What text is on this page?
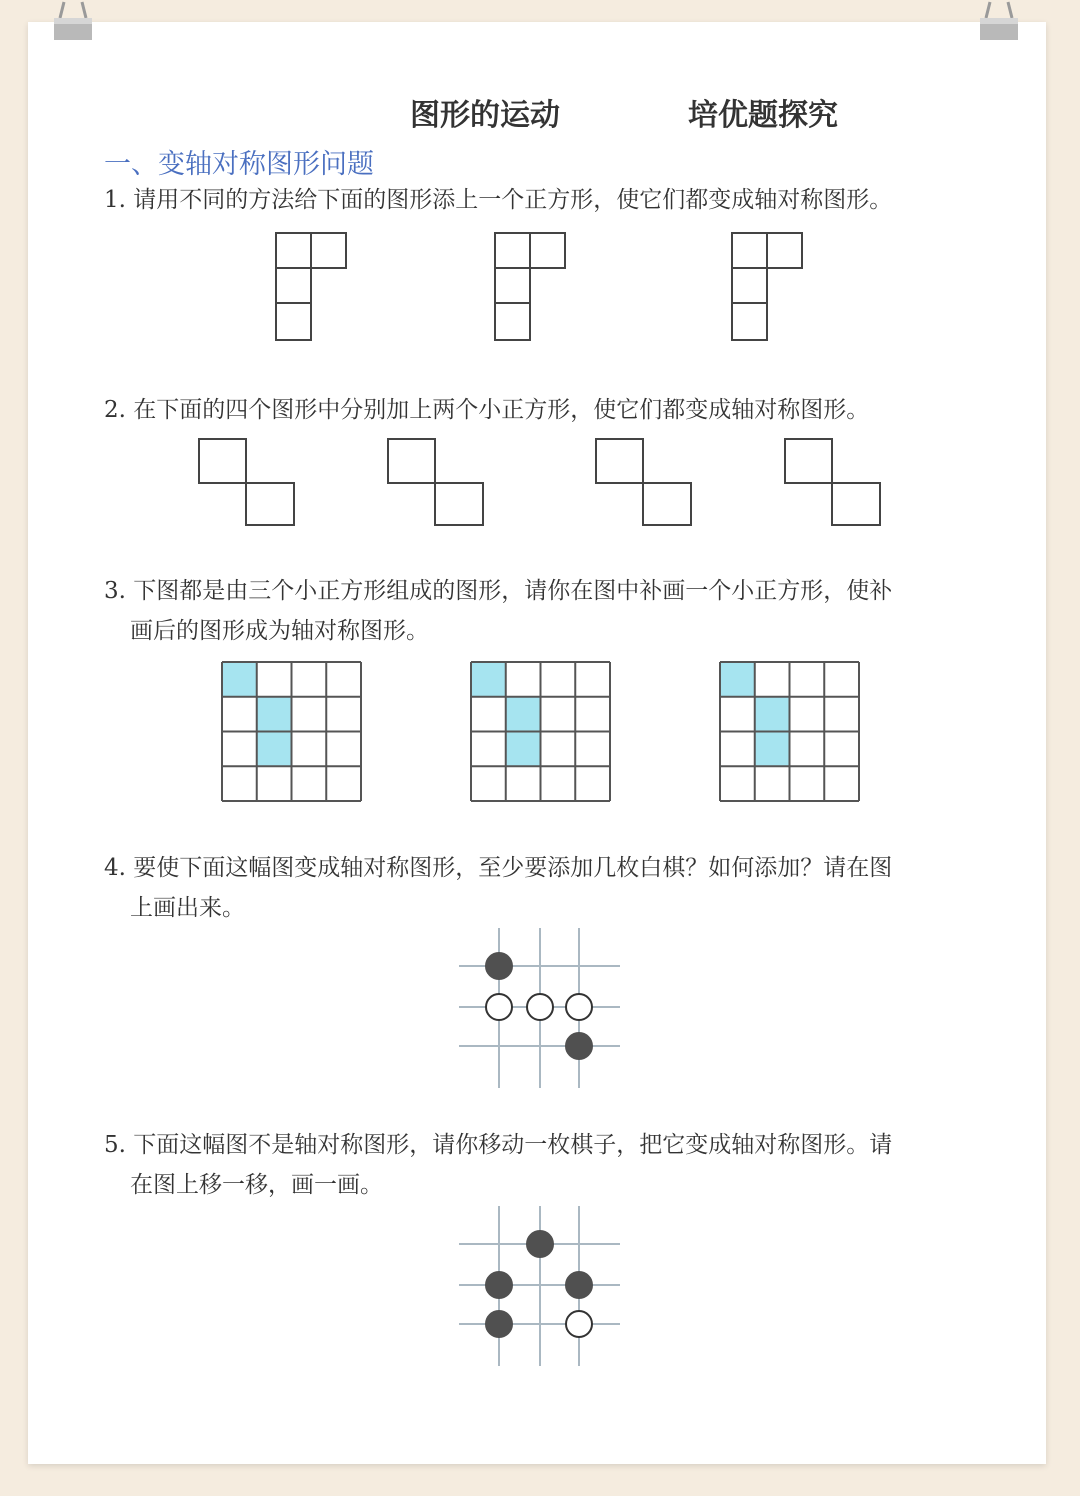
图形的运动	培优题探究
一、变轴对称图形问题
1. 请用不同的方法给下面的图形添上一个正方形，使它们都变成轴对称图形。
2. 在下面的四个图形中分别加上两个小正方形，使它们都变成轴对称图形。
3. 下图都是由三个小正方形组成的图形，请你在图中补画一个小正方形，使补
画后的图形成为轴对称图形。
4. 要使下面这幅图变成轴对称图形，至少要添加几枚白棋？如何添加？请在图
上画出来。
5. 下面这幅图不是轴对称图形，请你移动一枚棋子，把它变成轴对称图形。请
在图上移一移，画一画。
